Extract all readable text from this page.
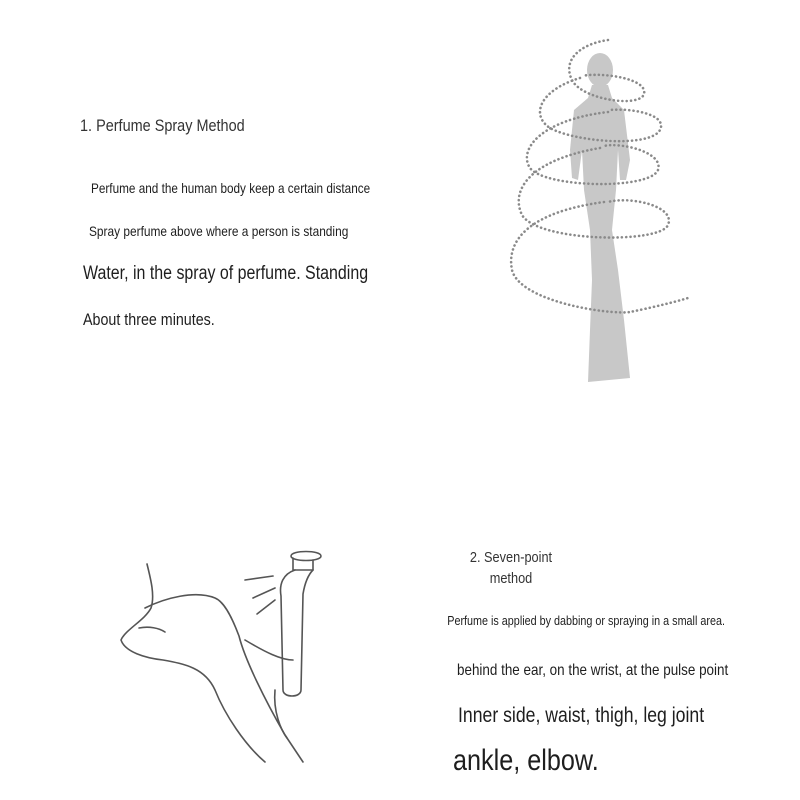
1. Perfume Spray Method
Perfume and the human body keep a certain distance
Spray perfume above where a person is standing
Water, in the spray of perfume. Standing
About three minutes.
2. Seven-point method
Perfume is applied by dabbing or spraying in a small area.
behind the ear, on the wrist, at the pulse point
Inner side, waist, thigh, leg joint
ankle, elbow.
